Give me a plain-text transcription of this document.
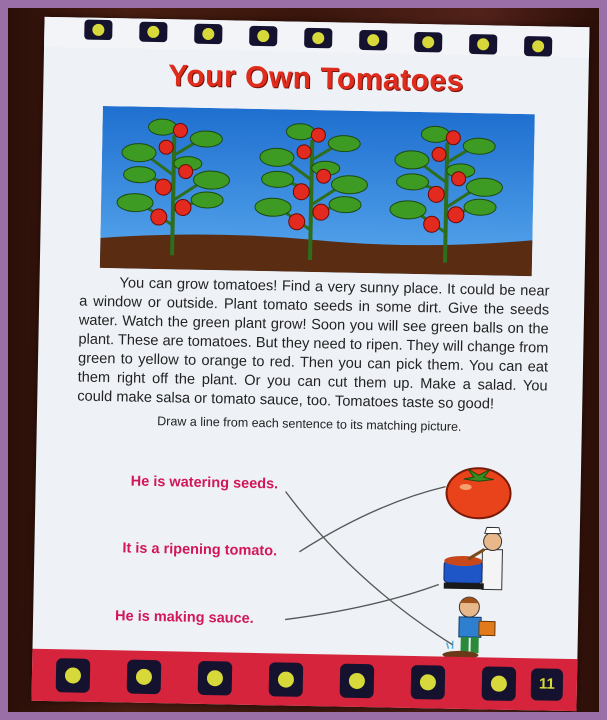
Your Own Tomatoes

You can grow tomatoes! Find a very sunny place. It could be near a window or outside. Plant tomato seeds in some dirt. Give the seeds water. Watch the green plant grow! Soon you will see green balls on the plant. These are tomatoes. But they need to ripen. They will change from green to yellow to orange to red. Then you can pick them. You can eat them right off the plant. Or you can cut them up. Make a salad. You could make salsa or tomato sauce, too. Tomatoes taste so good!

Draw a line from each sentence to its matching picture.
He is watering seeds.
It is a ripening tomato.
He is making sauce.
11
